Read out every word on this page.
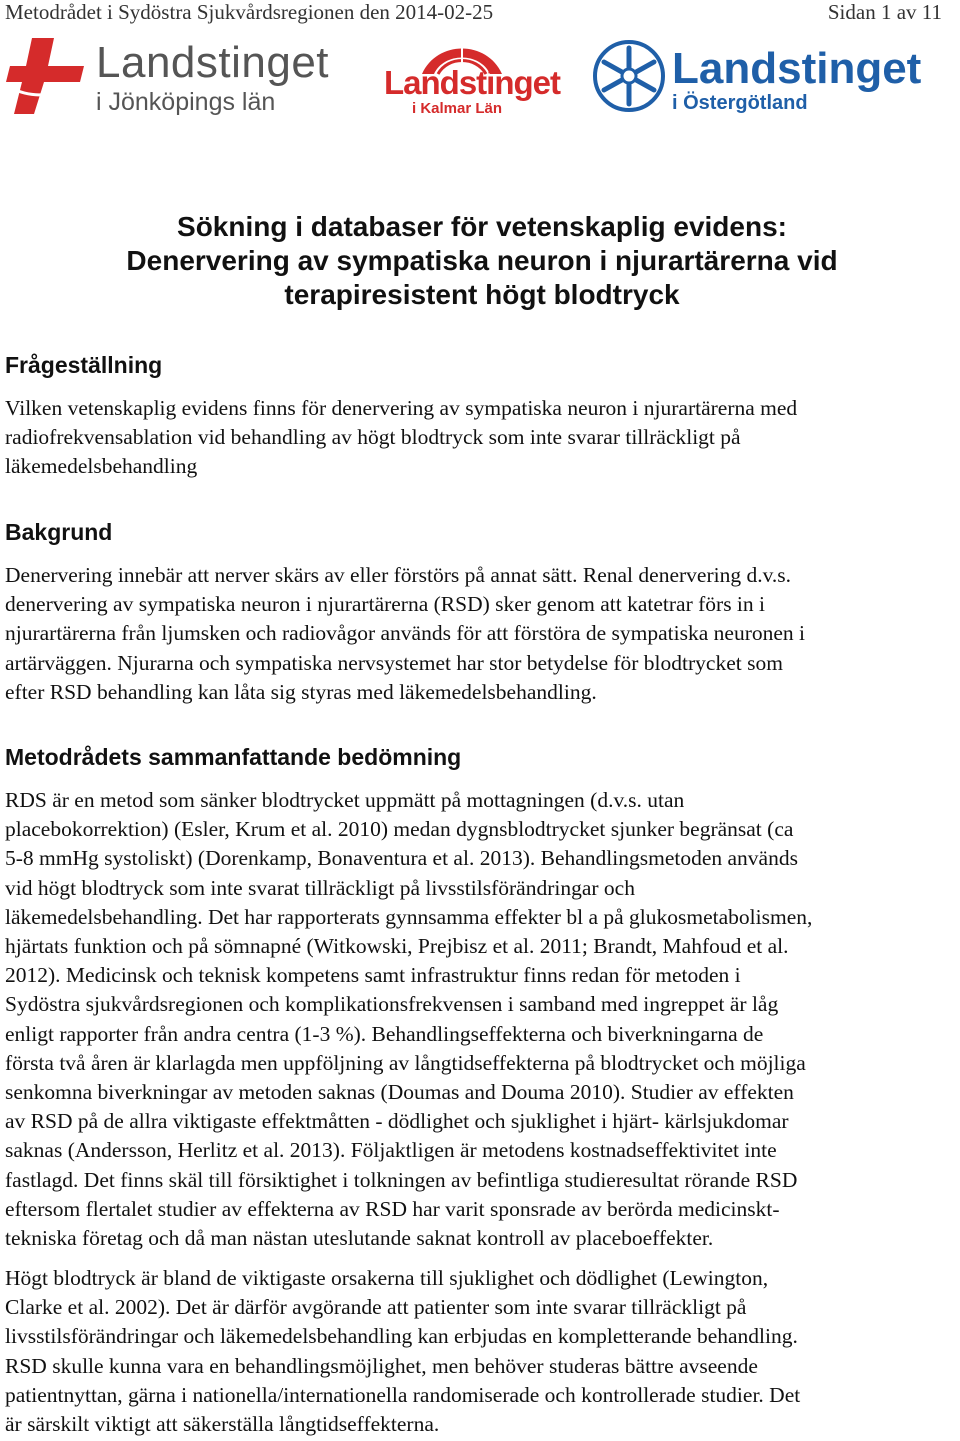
Metodrådet i Sydöstra Sjukvårdsregionen den 2014-02-25	Sidan 1 av 11
Landstinget
i Jönköpings län
Landstinget
i Kalmar Län
Landstinget
i Östergötland
Sökning i databaser för vetenskaplig evidens:
Denervering av sympatiska neuron i njurartärerna vid
terapiresistent högt blodtryck
Frågeställning
Vilken vetenskaplig evidens finns för denervering av sympatiska neuron i njurartärerna med
radiofrekvensablation vid behandling av högt blodtryck som inte svarar tillräckligt på
läkemedelsbehandling
Bakgrund
Denervering innebär att nerver skärs av eller förstörs på annat sätt. Renal denervering d.v.s.
denervering av sympatiska neuron i njurartärerna (RSD) sker genom att katetrar förs in i
njurartärerna från ljumsken och radiovågor används för att förstöra de sympatiska neuronen i
artärväggen. Njurarna och sympatiska nervsystemet har stor betydelse för blodtrycket som
efter RSD behandling kan låta sig styras med läkemedelsbehandling.
Metodrådets sammanfattande bedömning
RDS är en metod som sänker blodtrycket uppmätt på mottagningen (d.v.s. utan
placebokorrektion) (Esler, Krum et al. 2010) medan dygnsblodtrycket sjunker begränsat (ca
5-8 mmHg systoliskt) (Dorenkamp, Bonaventura et al. 2013). Behandlingsmetoden används
vid högt blodtryck som inte svarat tillräckligt på livsstilsförändringar och
läkemedelsbehandling. Det har rapporterats gynnsamma effekter bl a på glukosmetabolismen,
hjärtats funktion och på sömnapné (Witkowski, Prejbisz et al. 2011; Brandt, Mahfoud et al.
2012). Medicinsk och teknisk kompetens samt infrastruktur finns redan för metoden i
Sydöstra sjukvårdsregionen och komplikationsfrekvensen i samband med ingreppet är låg
enligt rapporter från andra centra (1-3 %). Behandlingseffekterna och biverkningarna de
första två åren är klarlagda men uppföljning av långtidseffekterna på blodtrycket och möjliga
senkomna biverkningar av metoden saknas (Doumas and Douma 2010). Studier av effekten
av RSD på de allra viktigaste effektmåtten - dödlighet och sjuklighet i hjärt- kärlsjukdomar
saknas (Andersson, Herlitz et al. 2013). Följaktligen är metodens kostnadseffektivitet inte
fastlagd. Det finns skäl till försiktighet i tolkningen av befintliga studieresultat rörande RSD
eftersom flertalet studier av effekterna av RSD har varit sponsrade av berörda medicinskt-
tekniska företag och då man nästan uteslutande saknat kontroll av placeboeffekter.
Högt blodtryck är bland de viktigaste orsakerna till sjuklighet och dödlighet (Lewington,
Clarke et al. 2002). Det är därför avgörande att patienter som inte svarar tillräckligt på
livsstilsförändringar och läkemedelsbehandling kan erbjudas en kompletterande behandling.
RSD skulle kunna vara en behandlingsmöjlighet, men behöver studeras bättre avseende
patientnyttan, gärna i nationella/internationella randomiserade och kontrollerade studier. Det
är särskilt viktigt att säkerställa långtidseffekterna.
